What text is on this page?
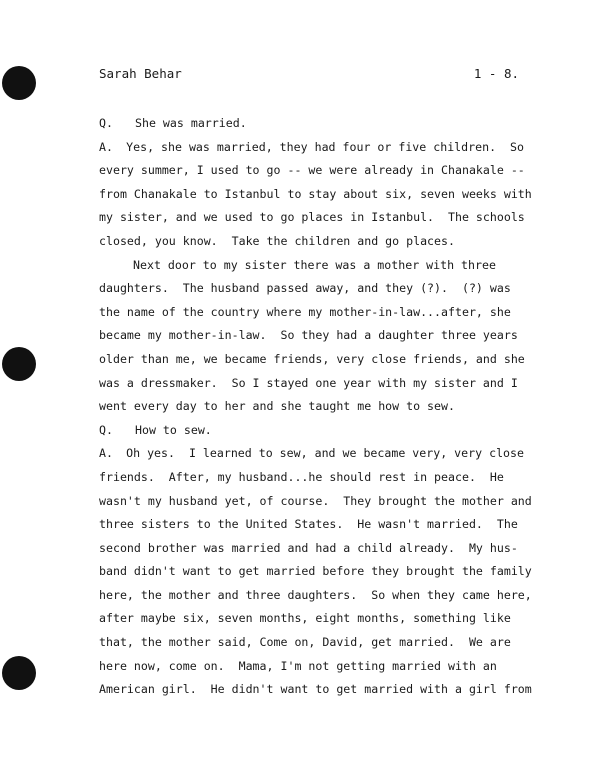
Sarah Behar	1 - 8.
Q.	She was married.
A.	Yes, she was married, they had four or five children.  So
every summer, I used to go -- we were already in Chanakale --
from Chanakale to Istanbul to stay about six, seven weeks with
my sister, and we used to go places in Istanbul.  The schools
closed, you know.  Take the children and go places.
Next door to my sister there was a mother with three
daughters.  The husband passed away, and they (?).  (?) was
the name of the country where my mother-in-law...after, she
became my mother-in-law.  So they had a daughter three years
older than me, we became friends, very close friends, and she
was a dressmaker.  So I stayed one year with my sister and I
went every day to her and she taught me how to sew.
Q.	How to sew.
A.	Oh yes.  I learned to sew, and we became very, very close
friends.  After, my husband...he should rest in peace.  He
wasn't my husband yet, of course.  They brought the mother and
three sisters to the United States.  He wasn't married.  The
second brother was married and had a child already.  My hus-
band didn't want to get married before they brought the family
here, the mother and three daughters.  So when they came here,
after maybe six, seven months, eight months, something like
that, the mother said, Come on, David, get married.  We are
here now, come on.  Mama, I'm not getting married with an
American girl.  He didn't want to get married with a girl from
